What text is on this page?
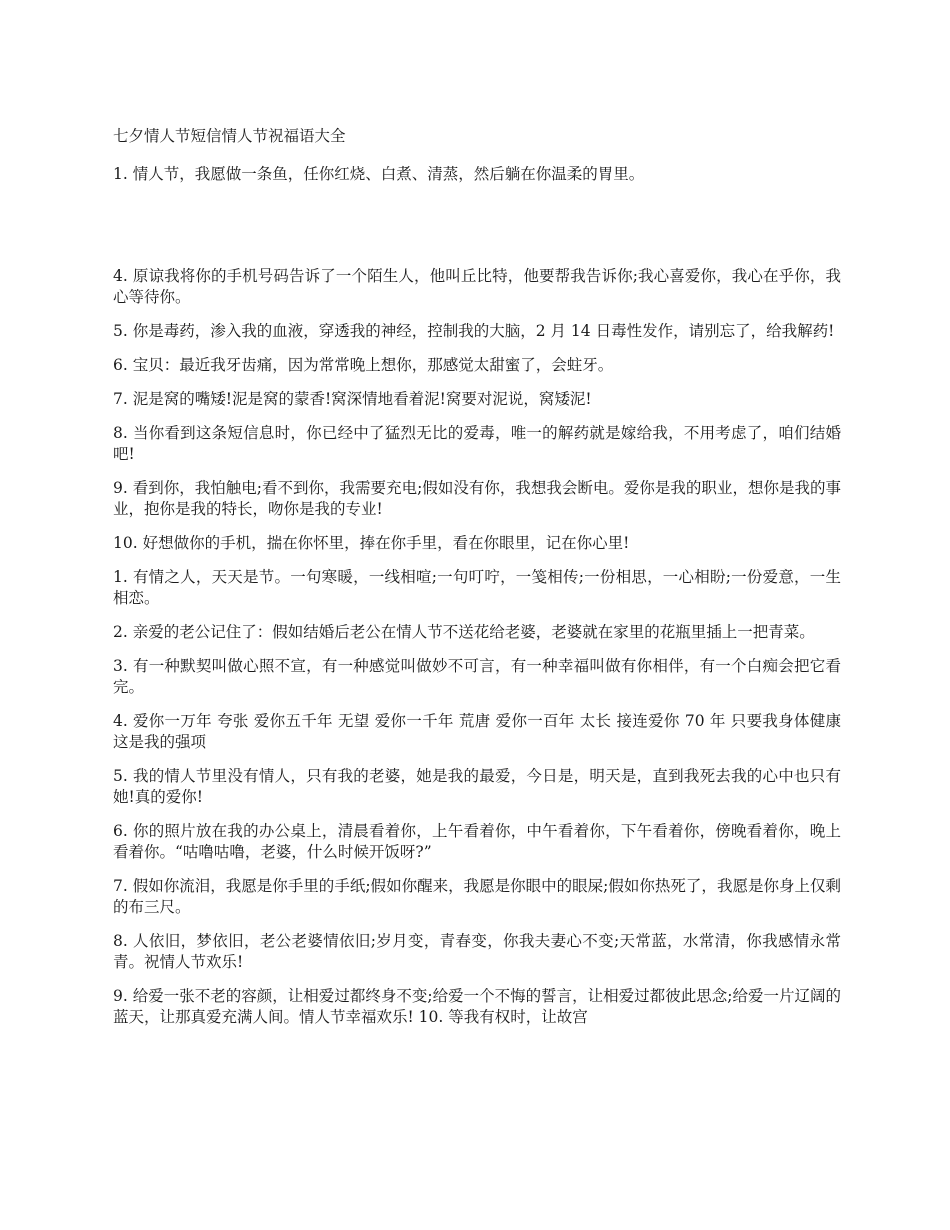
七夕情人节短信情人节祝福语大全
1. 情人节，我愿做一条鱼，任你红烧、白煮、清蒸，然后躺在你温柔的胃里。
4. 原谅我将你的手机号码告诉了一个陌生人，他叫丘比特，他要帮我告诉你;我心喜爱你，我心在乎你，我心等待你。
5. 你是毒药，渗入我的血液，穿透我的神经，控制我的大脑，2 月 14 日毒性发作，请别忘了，给我解药!
6. 宝贝：最近我牙齿痛，因为常常晚上想你，那感觉太甜蜜了，会蛀牙。
7. 泥是窝的嘴矮!泥是窝的蒙香!窝深情地看着泥!窝要对泥说，窝矮泥!
8. 当你看到这条短信息时，你已经中了猛烈无比的爱毒，唯一的解药就是嫁给我，不用考虑了，咱们结婚吧!
9. 看到你，我怕触电;看不到你，我需要充电;假如没有你，我想我会断电。爱你是我的职业，想你是我的事业，抱你是我的特长，吻你是我的专业!
10. 好想做你的手机，揣在你怀里，捧在你手里，看在你眼里，记在你心里!
1. 有情之人，天天是节。一句寒暖，一线相喧;一句叮咛，一笺相传;一份相思，一心相盼;一份爱意，一生相恋。
2. 亲爱的老公记住了：假如结婚后老公在情人节不送花给老婆，老婆就在家里的花瓶里插上一把青菜。
3. 有一种默契叫做心照不宣，有一种感觉叫做妙不可言，有一种幸福叫做有你相伴，有一个白痴会把它看完。
4. 爱你一万年 夸张 爱你五千年 无望 爱你一千年 荒唐 爱你一百年 太长 接连爱你 70 年 只要我身体健康 这是我的强项
5. 我的情人节里没有情人，只有我的老婆，她是我的最爱，今日是，明天是，直到我死去我的心中也只有她!真的爱你!
6. 你的照片放在我的办公桌上，清晨看着你，上午看着你，中午看着你，下午看着你，傍晚看着你，晚上看着你。“咕噜咕噜，老婆，什么时候开饭呀?”
7. 假如你流泪，我愿是你手里的手纸;假如你醒来，我愿是你眼中的眼屎;假如你热死了，我愿是你身上仅剩的布三尺。
8. 人依旧，梦依旧，老公老婆情依旧;岁月变，青春变，你我夫妻心不变;天常蓝，水常清，你我感情永常青。祝情人节欢乐!
9. 给爱一张不老的容颜，让相爱过都终身不变;给爱一个不悔的誓言，让相爱过都彼此思念;给爱一片辽阔的蓝天，让那真爱充满人间。情人节幸福欢乐! 10. 等我有权时，让故宫
